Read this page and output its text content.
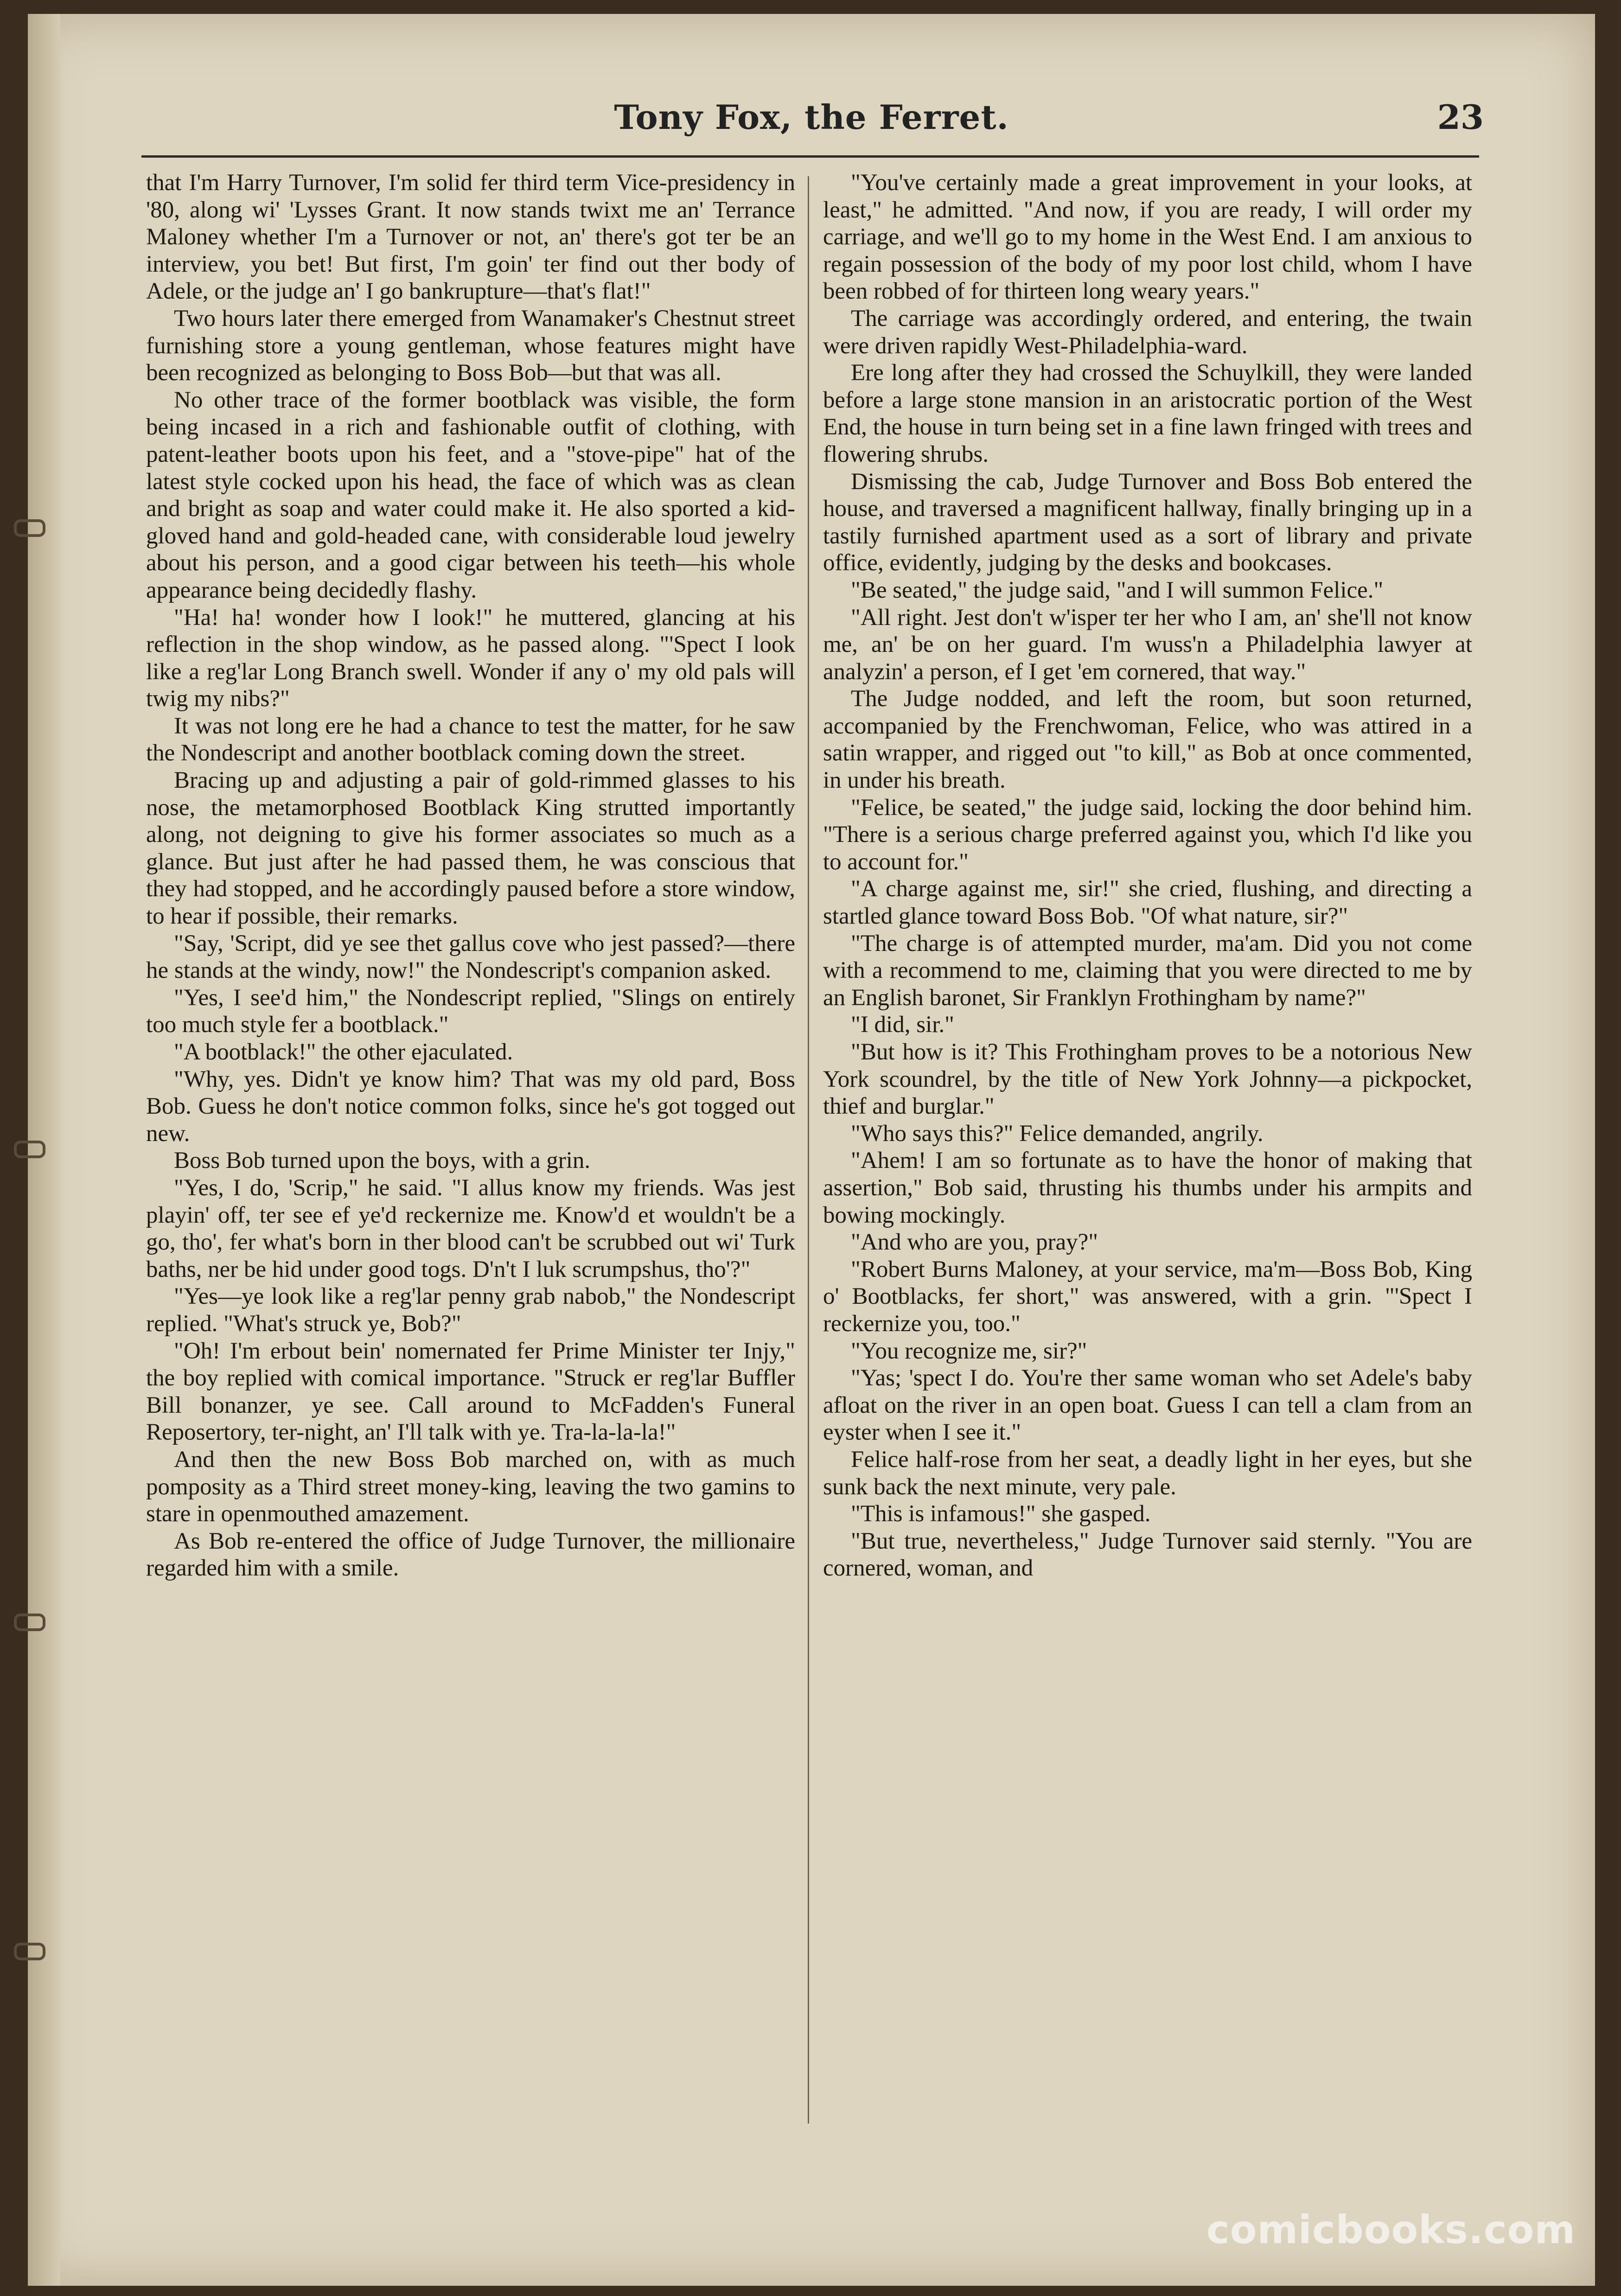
Tony Fox, the Ferret.	23

that I'm Harry Turnover, I'm solid fer third term Vice-presidency in '80, along wi' 'Lysses Grant. It now stands twixt me an' Terrance Maloney whether I'm a Turnover or not, an' there's got ter be an interview, you bet! But first, I'm goin' ter find out ther body of Adele, or the judge an' I go bankrupture—that's flat!"

Two hours later there emerged from Wanamaker's Chestnut street furnishing store a young gentleman, whose features might have been recognized as belonging to Boss Bob—but that was all.

No other trace of the former bootblack was visible, the form being incased in a rich and fashionable outfit of clothing, with patent-leather boots upon his feet, and a "stove-pipe" hat of the latest style cocked upon his head, the face of which was as clean and bright as soap and water could make it. He also sported a kid-gloved hand and gold-headed cane, with considerable loud jewelry about his person, and a good cigar between his teeth—his whole appearance being decidedly flashy.

"Ha! ha! wonder how I look!" he muttered, glancing at his reflection in the shop window, as he passed along. "'Spect I look like a reg'lar Long Branch swell. Wonder if any o' my old pals will twig my nibs?"

It was not long ere he had a chance to test the matter, for he saw the Nondescript and another bootblack coming down the street.

Bracing up and adjusting a pair of gold-rimmed glasses to his nose, the metamorphosed Bootblack King strutted importantly along, not deigning to give his former associates so much as a glance. But just after he had passed them, he was conscious that they had stopped, and he accordingly paused before a store window, to hear if possible, their remarks.

"Say, 'Script, did ye see thet gallus cove who jest passed?—there he stands at the windy, now!" the Nondescript's companion asked.

"Yes, I see'd him," the Nondescript replied, "Slings on entirely too much style fer a bootblack."

"A bootblack!" the other ejaculated.

"Why, yes. Didn't ye know him? That was my old pard, Boss Bob. Guess he don't notice common folks, since he's got togged out new.

Boss Bob turned upon the boys, with a grin.

"Yes, I do, 'Scrip," he said. "I allus know my friends. Was jest playin' off, ter see ef ye'd reckernize me. Know'd et wouldn't be a go, tho', fer what's born in ther blood can't be scrubbed out wi' Turk baths, ner be hid under good togs. D'n't I luk scrumpshus, tho'?"

"Yes—ye look like a reg'lar penny grab nabob," the Nondescript replied. "What's struck ye, Bob?"

"Oh! I'm erbout bein' nomernated fer Prime Minister ter Injy," the boy replied with comical importance. "Struck er reg'lar Buffler Bill bonanzer, ye see. Call around to McFadden's Funeral Reposertory, ter-night, an' I'll talk with ye. Tra-la-la-la!"

And then the new Boss Bob marched on, with as much pomposity as a Third street money-king, leaving the two gamins to stare in openmouthed amazement.

As Bob re-entered the office of Judge Turnover, the millionaire regarded him with a smile.

"You've certainly made a great improvement in your looks, at least," he admitted. "And now, if you are ready, I will order my carriage, and we'll go to my home in the West End. I am anxious to regain possession of the body of my poor lost child, whom I have been robbed of for thirteen long weary years."

The carriage was accordingly ordered, and entering, the twain were driven rapidly West-Philadelphia-ward.

Ere long after they had crossed the Schuylkill, they were landed before a large stone mansion in an aristocratic portion of the West End, the house in turn being set in a fine lawn fringed with trees and flowering shrubs.

Dismissing the cab, Judge Turnover and Boss Bob entered the house, and traversed a magnificent hallway, finally bringing up in a tastily furnished apartment used as a sort of library and private office, evidently, judging by the desks and bookcases.

"Be seated," the judge said, "and I will summon Felice."

"All right. Jest don't w'isper ter her who I am, an' she'll not know me, an' be on her guard. I'm wuss'n a Philadelphia lawyer at analyzin' a person, ef I get 'em cornered, that way."

The Judge nodded, and left the room, but soon returned, accompanied by the Frenchwoman, Felice, who was attired in a satin wrapper, and rigged out "to kill," as Bob at once commented, in under his breath.

"Felice, be seated," the judge said, locking the door behind him. "There is a serious charge preferred against you, which I'd like you to account for."

"A charge against me, sir!" she cried, flushing, and directing a startled glance toward Boss Bob. "Of what nature, sir?"

"The charge is of attempted murder, ma'am. Did you not come with a recommend to me, claiming that you were directed to me by an English baronet, Sir Franklyn Frothingham by name?"

"I did, sir."

"But how is it? This Frothingham proves to be a notorious New York scoundrel, by the title of New York Johnny—a pickpocket, thief and burglar."

"Who says this?" Felice demanded, angrily.

"Ahem! I am so fortunate as to have the honor of making that assertion," Bob said, thrusting his thumbs under his armpits and bowing mockingly.

"And who are you, pray?"

"Robert Burns Maloney, at your service, ma'm—Boss Bob, King o' Bootblacks, fer short," was answered, with a grin. "'Spect I reckernize you, too."

"You recognize me, sir?"

"Yas; 'spect I do. You're ther same woman who set Adele's baby afloat on the river in an open boat. Guess I can tell a clam from an eyster when I see it."

Felice half-rose from her seat, a deadly light in her eyes, but she sunk back the next minute, very pale.

"This is infamous!" she gasped.

"But true, nevertheless," Judge Turnover said sternly. "You are cornered, woman, and

comicbooks.com
